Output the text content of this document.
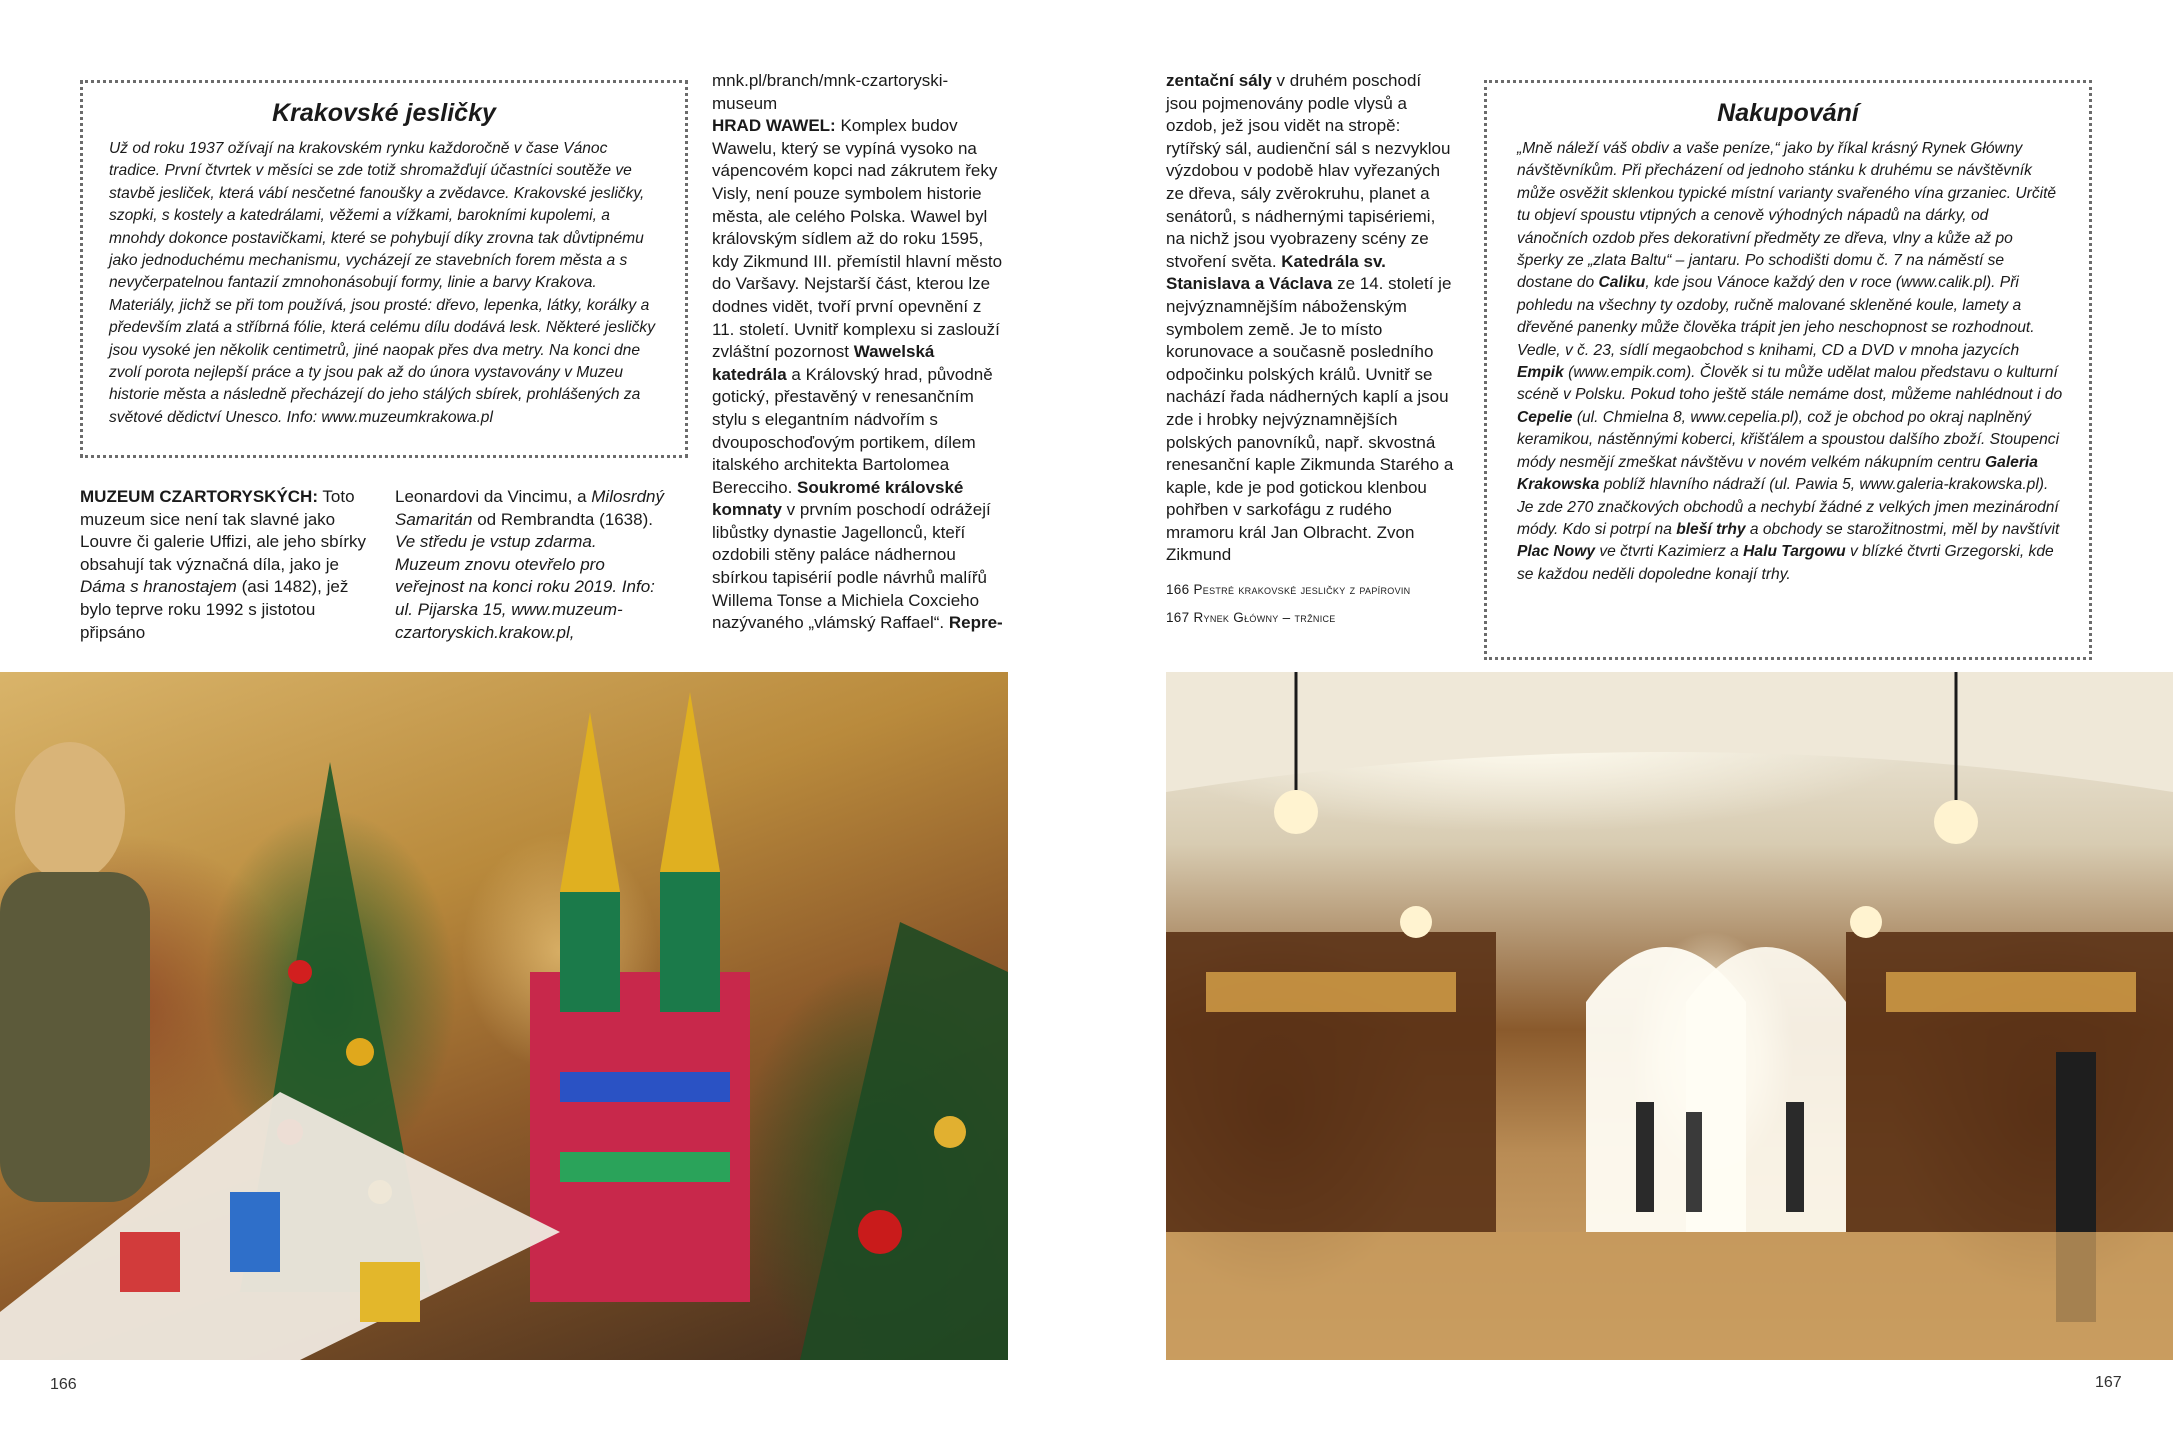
Krakovské jesličky

Už od roku 1937 ožívají na krakovském rynku každoročně v čase Vánoc tradice. První čtvrtek v měsíci se zde totiž shromažďují účastníci soutěže ve stavbě jesliček, která vábí nesčetné fanoušky a zvědavce. Krakovské jesličky, szopki, s kostely a katedrálami, věžemi a vížkami, barokními kupolemi, a mnohdy dokonce postavičkami, které se pohybují díky zrovna tak důvtipnému jako jednoduchému mechanismu, vycházejí ze stavebních forem města a s nevyčerpatelnou fantazií zmnohonásobují formy, linie a barvy Krakova. Materiály, jichž se při tom používá, jsou prosté: dřevo, lepenka, látky, korálky a především zlatá a stříbrná fólie, která celému dílu dodává lesk. Některé jesličky jsou vysoké jen několik centimetrů, jiné naopak přes dva metry. Na konci dne zvolí porota nejlepší práce a ty jsou pak až do února vystavovány v Muzeu historie města a následně přecházejí do jeho stálých sbírek, prohlášených za světové dědictví Unesco. Info: www.muzeumkrakowa.pl

MUZEUM CZARTORYSKÝCH: Toto muzeum sice není tak slavné jako Louvre či galerie Uffizi, ale jeho sbírky obsahují tak význačná díla, jako je Dáma s hranostajem (asi 1482), jež bylo teprve roku 1992 s jistotou připsáno

Leonardovi da Vincimu, a Milosrdný Samaritán od Rembrandta (1638). Ve středu je vstup zdarma. Muzeum znovu otevřelo pro veřejnost na konci roku 2019. Info: ul. Pijarska 15, www.muzeum-czartoryskich.krakow.pl,

mnk.pl/branch/mnk-czartoryski-museum
HRAD WAWEL: Komplex budov Wawelu, který se vypíná vysoko na vápencovém kopci nad zákrutem řeky Visly, není pouze symbolem historie města, ale celého Polska. Wawel byl královským sídlem až do roku 1595, kdy Zikmund III. přemístil hlavní město do Varšavy. Nejstarší část, kterou lze dodnes vidět, tvoří první opevnění z 11. století. Uvnitř komplexu si zaslouží zvláštní pozornost Wawelská katedrála a Královský hrad, původně gotický, přestavěný v renesančním stylu s elegantním nádvořím s dvouposchoďovým portikem, dílem italského architekta Bartolomea Bereccihо. Soukromé královské komnaty v prvním poschodí odrážejí libůstky dynastie Jagellonců, kteří ozdobili stěny paláce nádhernou sbírkou tapisérií podle návrhů malířů Willema Tonse a Michiela Coxcieho nazývaného „vlámský Raffael“. Repre-

166

zentační sály v druhém poschodí jsou pojmenovány podle vlysů a ozdob, jež jsou vidět na stropě: rytířský sál, audienční sál s nezvyklou výzdobou v podobě hlav vyřezaných ze dřeva, sály zvěrokruhu, planet a senátorů, s nádhernými tapisériemi, na nichž jsou vyobrazeny scény ze stvoření světa. Katedrála sv. Stanislava a Václava ze 14. století je nejvýznamnějším náboženským symbolem země. Je to místo korunovace a současně posledního odpočinku polských králů. Uvnitř se nachází řada nádherných kaplí a jsou zde i hrobky nejvýznamnějších polských panovníků, např. skvostná renesanční kaple Zikmunda Starého a kaple, kde je pod gotickou klenbou pohřben v sarkofágu z rudého mramoru král Jan Olbracht. Zvon Zikmund

166 Pestré krakovské jesličky z papírovin
167 Rynek Główny – tržnice
Nakupování

„Mně náleží váš obdiv a vaše peníze,“ jako by říkal krásný Rynek Główny návštěvníkům. Při přecházení od jednoho stánku k druhému se návštěvník může osvěžit sklenkou typické místní varianty svařeného vína grzaniec. Určitě tu objeví spoustu vtipných a cenově výhodných nápadů na dárky, od vánočních ozdob přes dekorativní předměty ze dřeva, vlny a kůže až po šperky ze „zlata Baltu“ – jantaru. Po schodišti domu č. 7 na náměstí se dostane do Caliku, kde jsou Vánoce každý den v roce (www.calik.pl). Při pohledu na všechny ty ozdoby, ručně malované skleněné koule, lamety a dřevěné panenky může člověka trápit jen jeho neschopnost se rozhodnout. Vedle, v č. 23, sídlí megaobchod s knihami, CD a DVD v mnoha jazycích Empik (www.empik.com). Člověk si tu může udělat malou představu o kulturní scéně v Polsku. Pokud toho ještě stále nemáme dost, můžeme nahlédnout i do Cepelie (ul. Chmielna 8, www.cepelia.pl), což je obchod po okraj naplněný keramikou, nástěnnými koberci, křišťálem a spoustou dalšího zboží. Stoupenci módy nesmějí zmeškat návštěvu v novém velkém nákupním centru Galeria Krakowska poblíž hlavního nádraží (ul. Pawia 5, www.galeria-krakowska.pl). Je zde 270 značkových obchodů a nechybí žádné z velkých jmen mezinárodní módy. Kdo si potrpí na bleší trhy a obchody se starožitnostmi, měl by navštívit Plac Nowy ve čtvrti Kazimierz a Halu Targowu v blízké čtvrti Grzegorski, kde se každou neděli dopoledne konají trhy.

167
